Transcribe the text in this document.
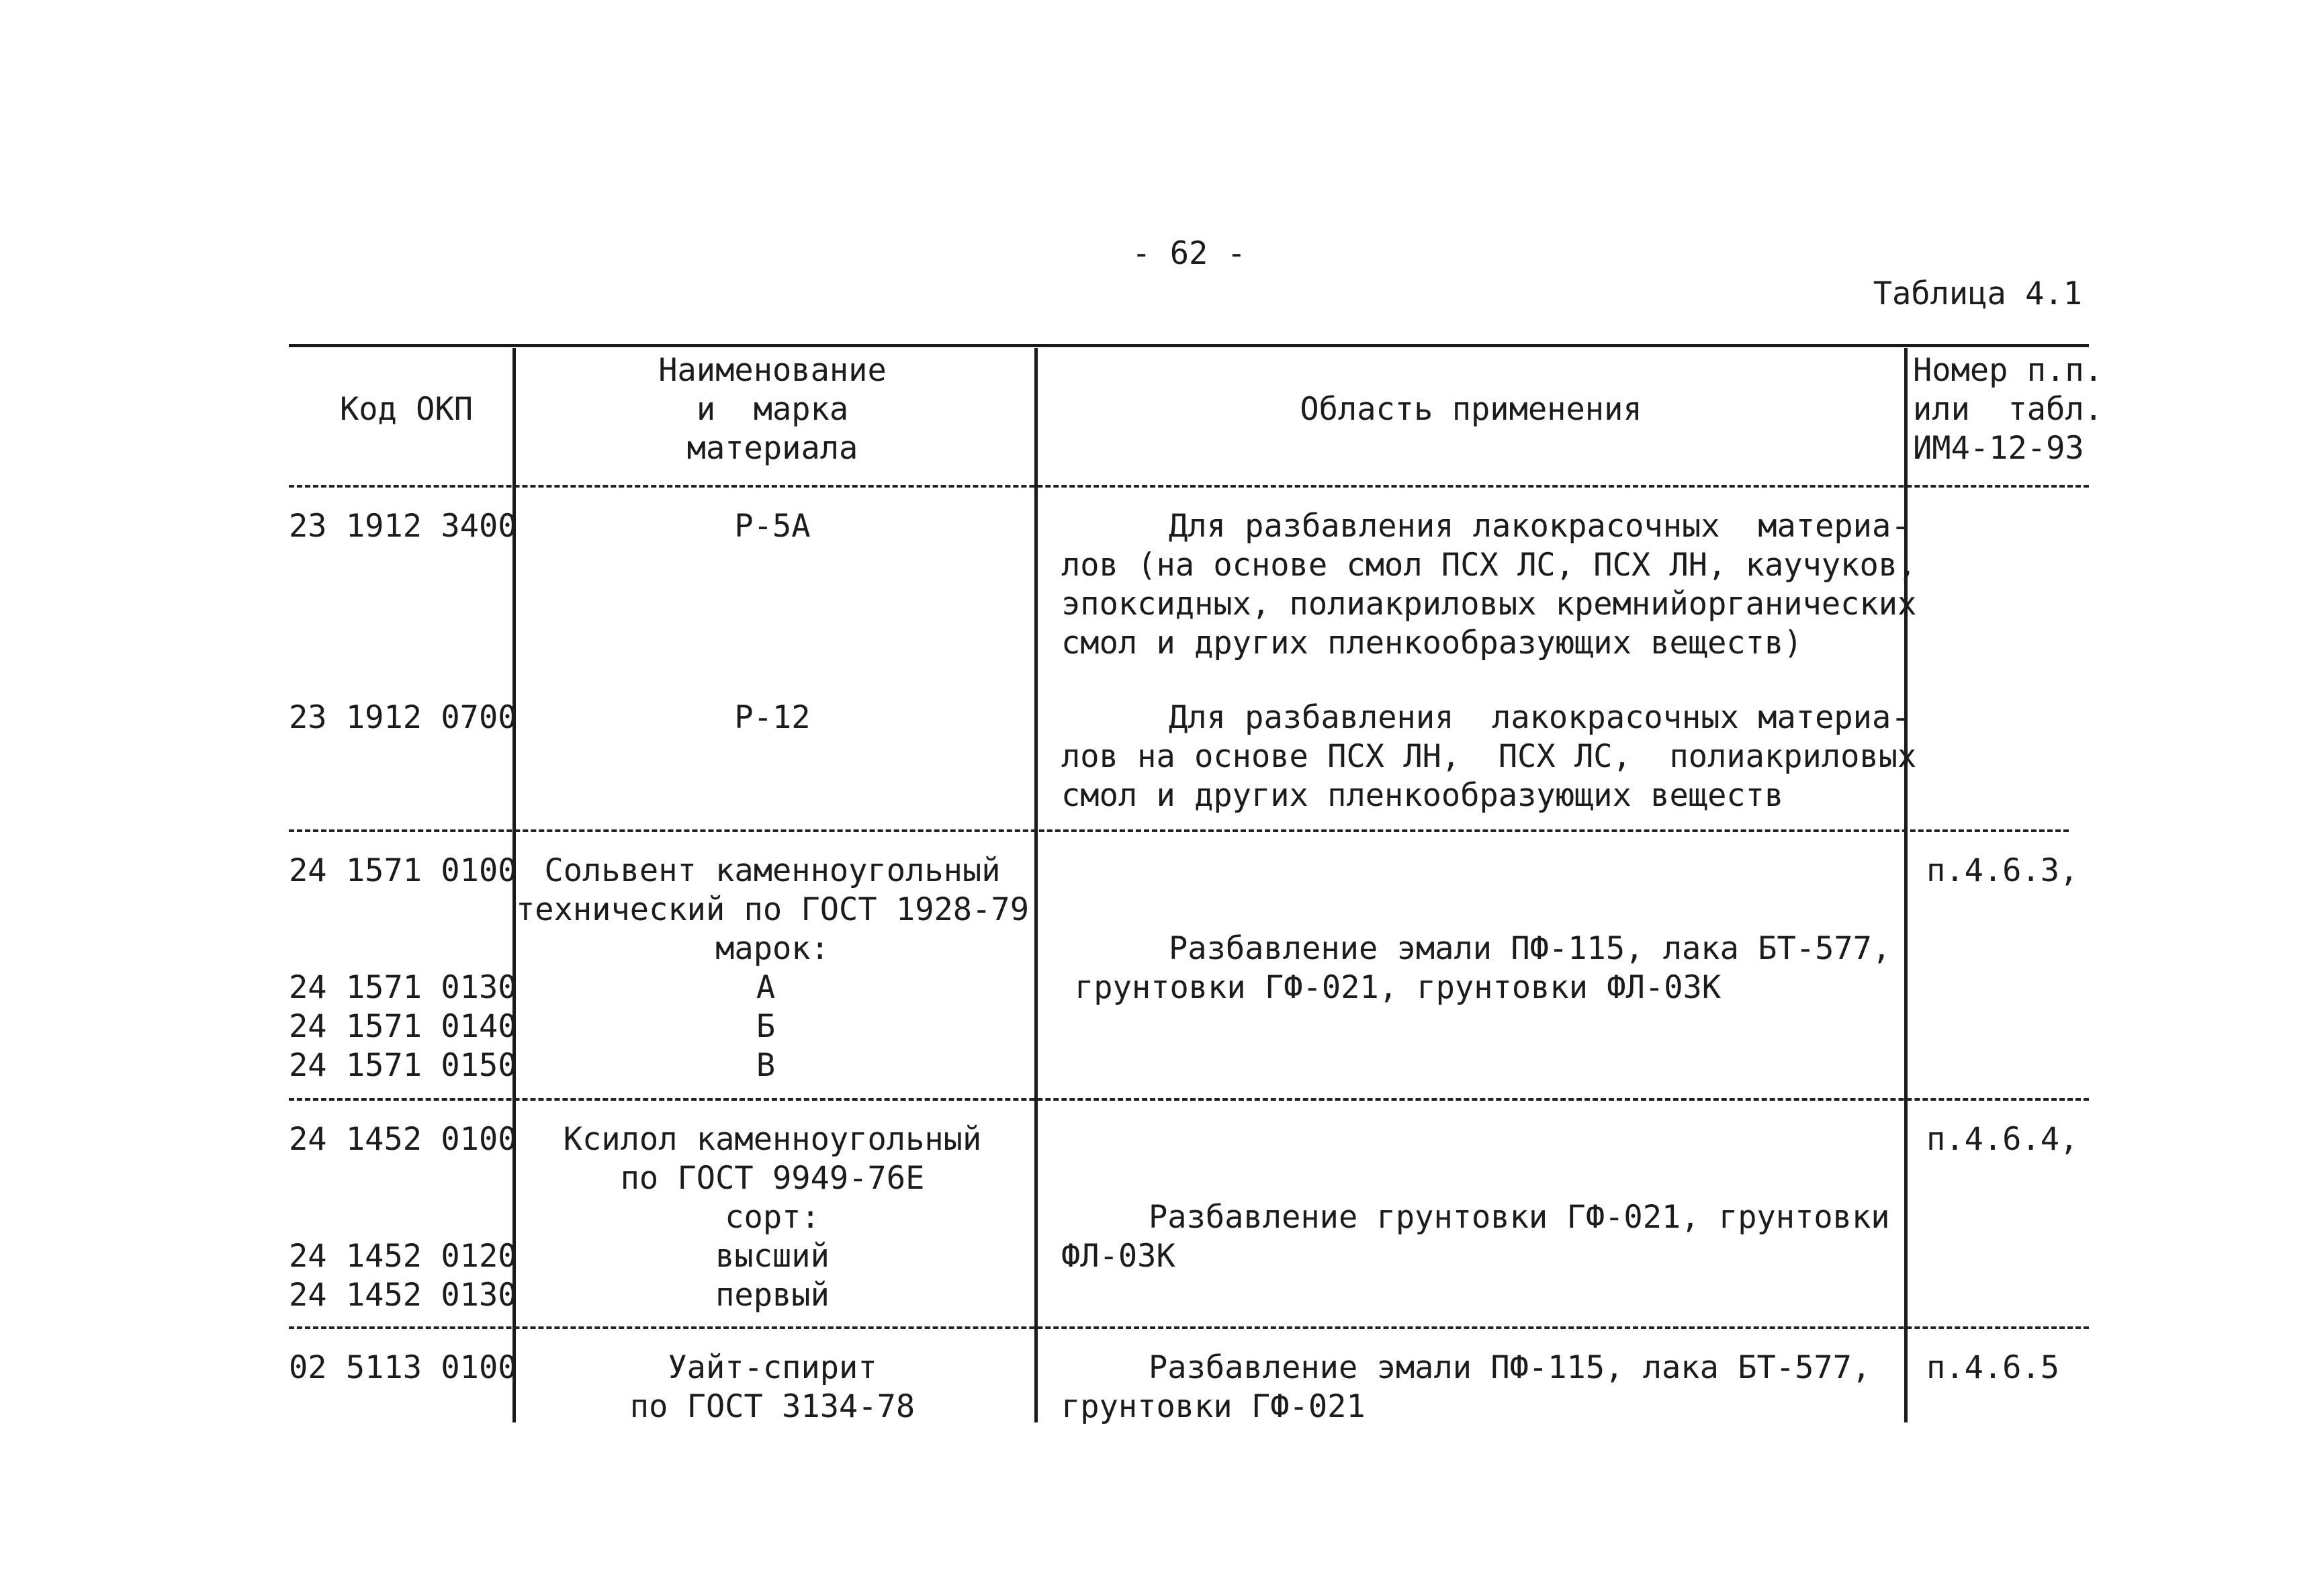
- 62 -
Таблица 4.1
Код ОКП
Наименование
и  марка
материала
Область применения
Номер п.п.
или  табл.
ИМ4-12-93
23 1912 3400
23 1912 0700
Р-5А
Р-12
Для разбавления лакокрасочных  материа-
лов (на основе смол ПСХ ЛС, ПСХ ЛН, каучуков,
эпоксидных, полиакриловых кремнийорганических
смол и других пленкообразующих веществ)
Для разбавления  лакокрасочных материа-
лов на основе ПСХ ЛН,  ПСХ ЛС,  полиакриловых
смол и других пленкообразующих веществ
24 1571 0100
24 1571 0130
24 1571 0140
24 1571 0150
Сольвент каменноугольный
технический по ГОСТ 1928-79
марок:
А
Б
В
Разбавление эмали ПФ-115, лака БТ-577,
грунтовки ГФ-021, грунтовки ФЛ-03К
п.4.6.3,
24 1452 0100
24 1452 0120
24 1452 0130
Ксилол каменноугольный
по ГОСТ 9949-76Е
сорт:
высший
первый
Разбавление грунтовки ГФ-021, грунтовки
ФЛ-03К
п.4.6.4,
02 5113 0100	Уайт-спирит
по ГОСТ 3134-78
Разбавление эмали ПФ-115, лака БТ-577,
грунтовки ГФ-021
п.4.6.5
